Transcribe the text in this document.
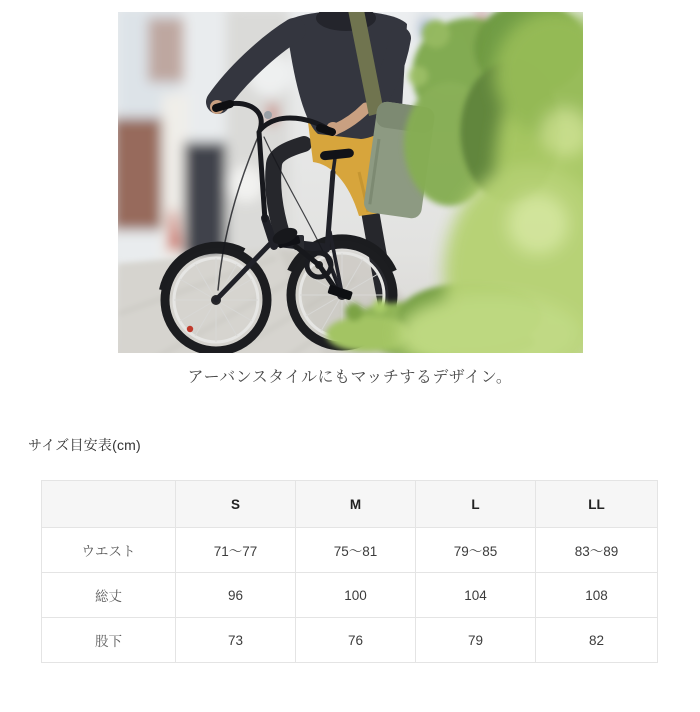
アーバンスタイルにもマッチするデザイン。
サイズ目安表(cm)
	S	M	L	LL
ウエスト	71〜77	75〜81	79〜85	83〜89
総丈	96	100	104	108
股下	73	76	79	82
